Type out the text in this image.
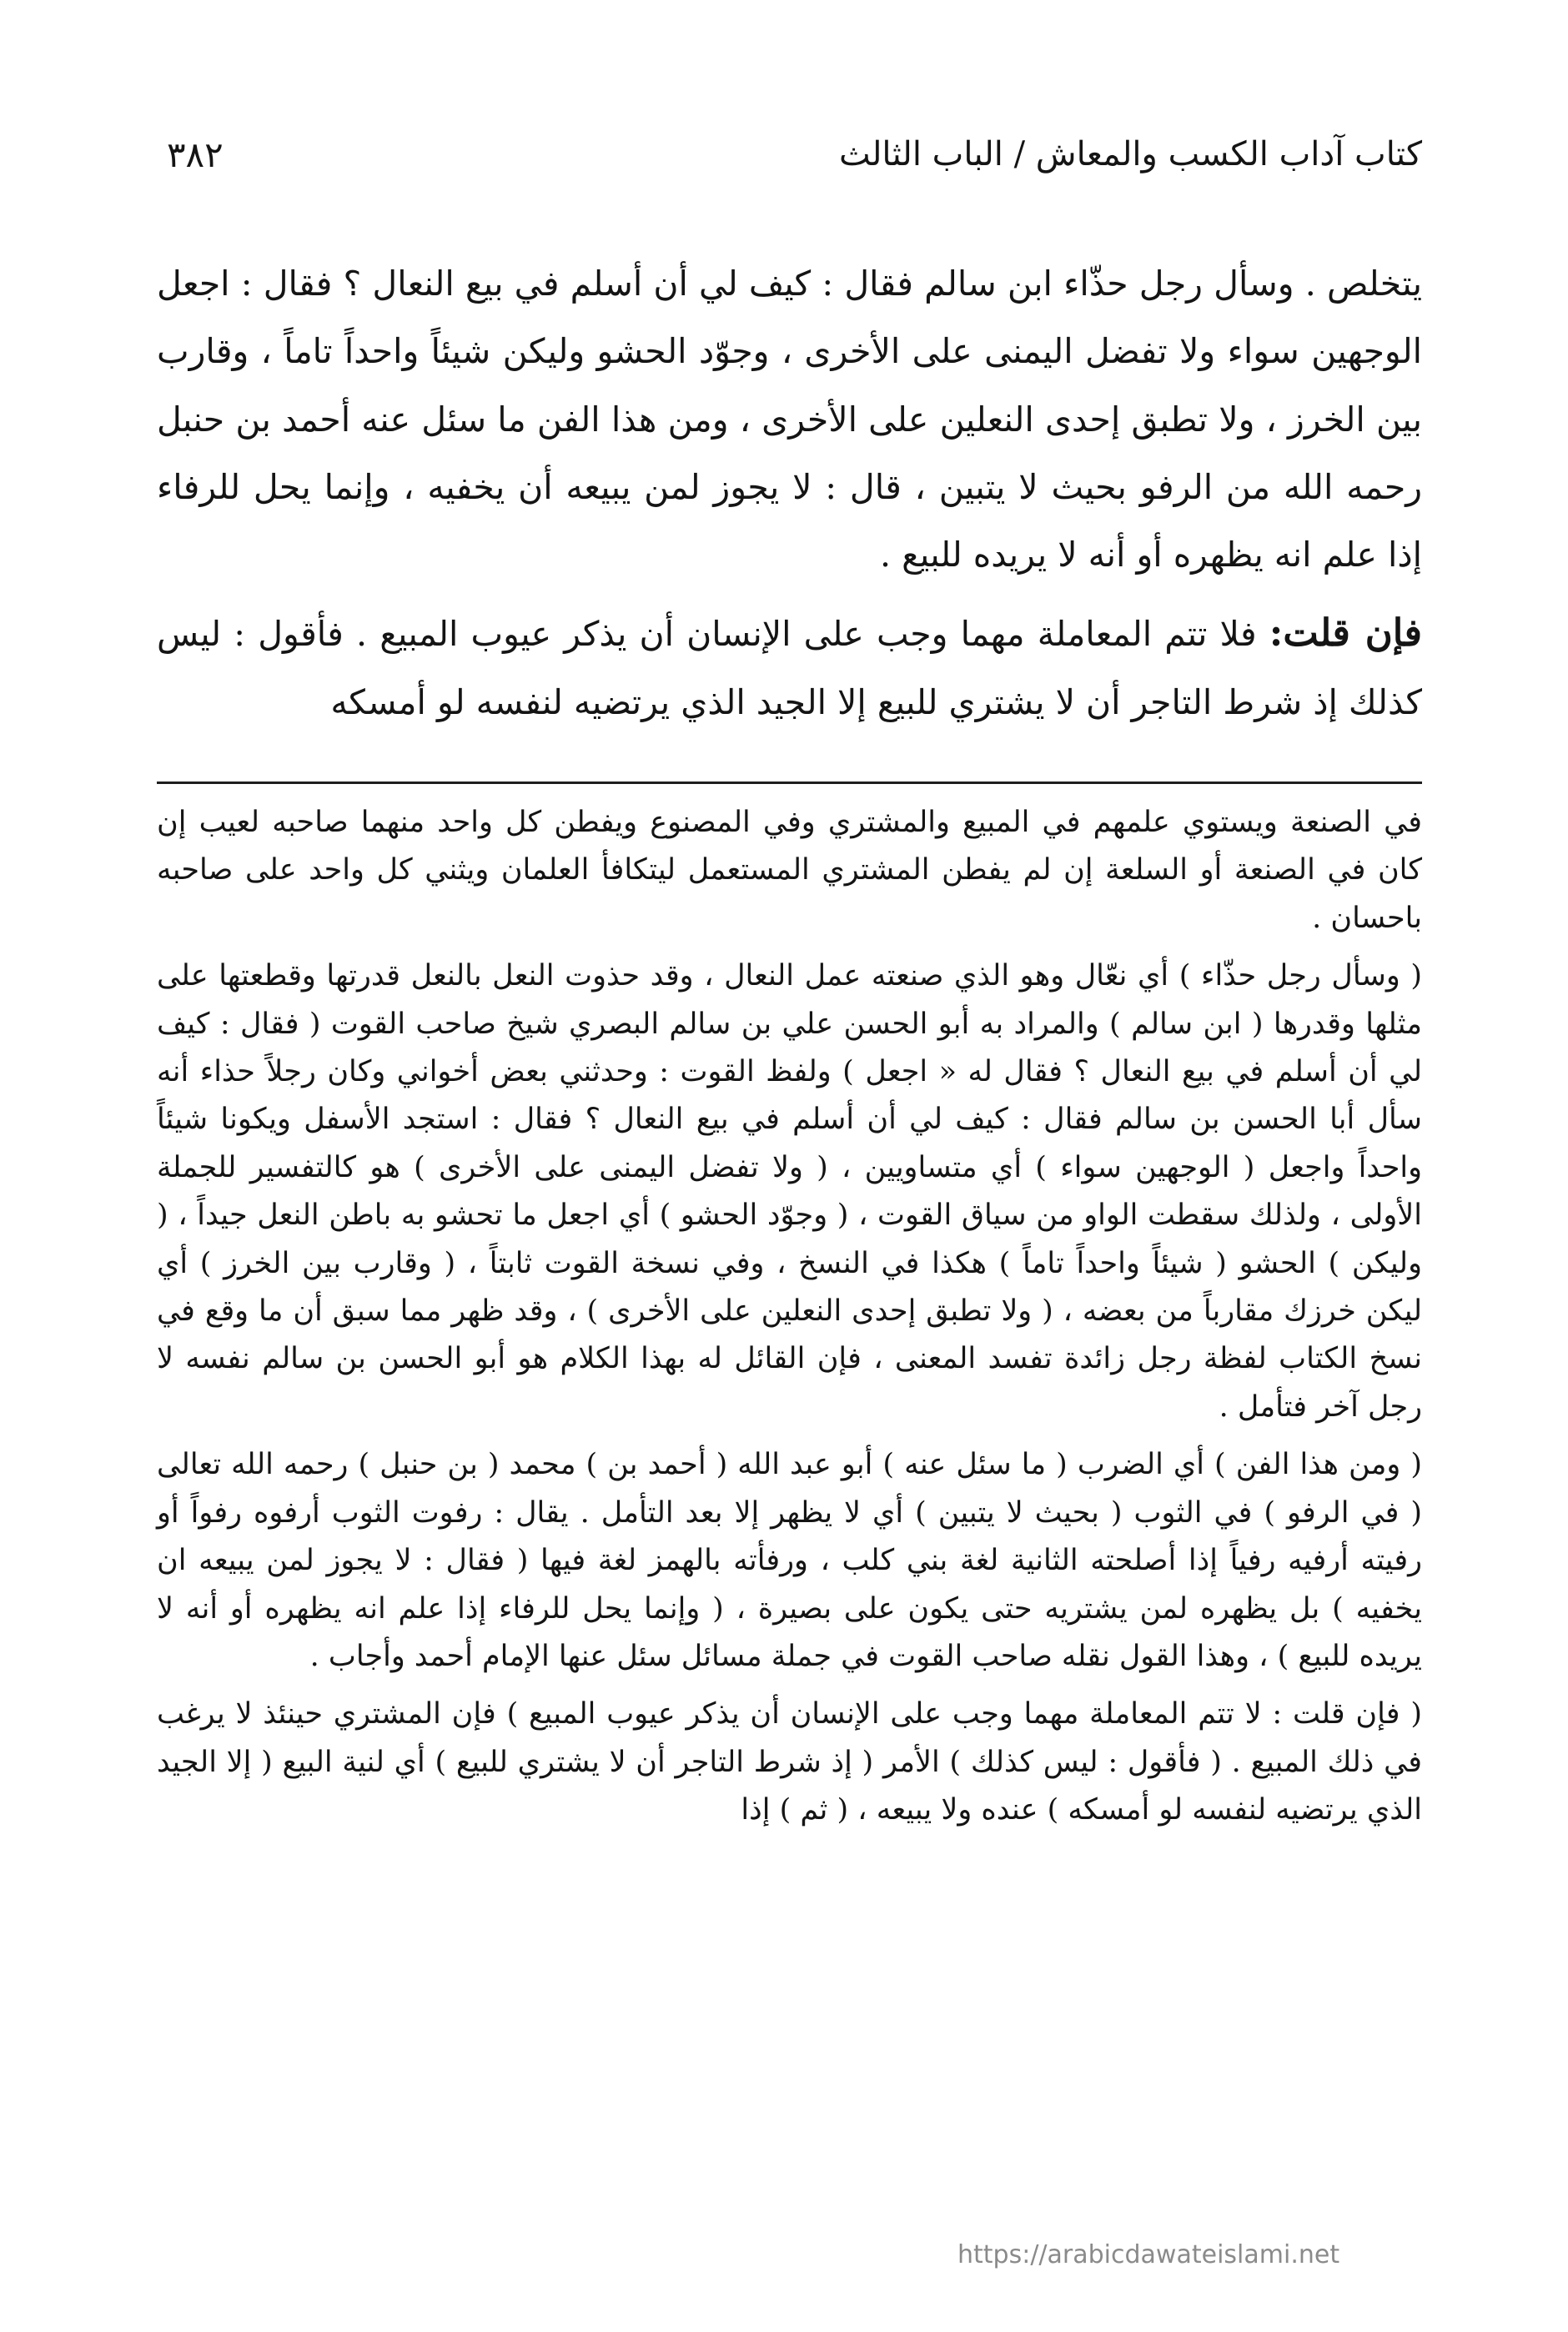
كتاب آداب الكسب والمعاش / الباب الثالث
٣٨٢

يتخلص . وسأل رجل حذّاء ابن سالم فقال : كيف لي أن أسلم في بيع النعال ؟ فقال : اجعل الوجهين سواء ولا تفضل اليمنى على الأخرى ، وجوّد الحشو وليكن شيئاً واحداً تاماً ، وقارب بين الخرز ، ولا تطبق إحدى النعلين على الأخرى ، ومن هذا الفن ما سئل عنه أحمد بن حنبل رحمه الله من الرفو بحيث لا يتبين ، قال : لا يجوز لمن يبيعه أن يخفيه ، وإنما يحل للرفاء إذا علم انه يظهره أو أنه لا يريده للبيع .

فإن قلت: فلا تتم المعاملة مهما وجب على الإنسان أن يذكر عيوب المبيع . فأقول : ليس كذلك إذ شرط التاجر أن لا يشتري للبيع إلا الجيد الذي يرتضيه لنفسه لو أمسكه

في الصنعة ويستوي علمهم في المبيع والمشتري وفي المصنوع ويفطن كل واحد منهما صاحبه لعيب إن كان في الصنعة أو السلعة إن لم يفطن المشتري المستعمل ليتكافأ العلمان ويثني كل واحد على صاحبه باحسان .

( وسأل رجل حذّاء ) أي نعّال وهو الذي صنعته عمل النعال ، وقد حذوت النعل بالنعل قدرتها وقطعتها على مثلها وقدرها ( ابن سالم ) والمراد به أبو الحسن علي بن سالم البصري شيخ صاحب القوت ( فقال : كيف لي أن أسلم في بيع النعال ؟ فقال له « اجعل ) ولفظ القوت : وحدثني بعض أخواني وكان رجلاً حذاء أنه سأل أبا الحسن بن سالم فقال : كيف لي أن أسلم في بيع النعال ؟ فقال : استجد الأسفل ويكونا شيئاً واحداً واجعل ( الوجهين سواء ) أي متساويين ، ( ولا تفضل اليمنى على الأخرى ) هو كالتفسير للجملة الأولى ، ولذلك سقطت الواو من سياق القوت ، ( وجوّد الحشو ) أي اجعل ما تحشو به باطن النعل جيداً ، ( وليكن ) الحشو ( شيئاً واحداً تاماً ) هكذا في النسخ ، وفي نسخة القوت ثابتاً ، ( وقارب بين الخرز ) أي ليكن خرزك مقارباً من بعضه ، ( ولا تطبق إحدى النعلين على الأخرى ) ، وقد ظهر مما سبق أن ما وقع في نسخ الكتاب لفظة رجل زائدة تفسد المعنى ، فإن القائل له بهذا الكلام هو أبو الحسن بن سالم نفسه لا رجل آخر فتأمل .

( ومن هذا الفن ) أي الضرب ( ما سئل عنه ) أبو عبد الله ( أحمد بن ) محمد ( بن حنبل ) رحمه الله تعالى ( في الرفو ) في الثوب ( بحيث لا يتبين ) أي لا يظهر إلا بعد التأمل . يقال : رفوت الثوب أرفوه رفواً أو رفيته أرفيه رفياً إذا أصلحته الثانية لغة بني كلب ، ورفأته بالهمز لغة فيها ( فقال : لا يجوز لمن يبيعه ان يخفيه ) بل يظهره لمن يشتريه حتى يكون على بصيرة ، ( وإنما يحل للرفاء إذا علم انه يظهره أو أنه لا يريده للبيع ) ، وهذا القول نقله صاحب القوت في جملة مسائل سئل عنها الإمام أحمد وأجاب .

( فإن قلت : لا تتم المعاملة مهما وجب على الإنسان أن يذكر عيوب المبيع ) فإن المشتري حينئذ لا يرغب في ذلك المبيع . ( فأقول : ليس كذلك ) الأمر ( إذ شرط التاجر أن لا يشتري للبيع ) أي لنية البيع ( إلا الجيد الذي يرتضيه لنفسه لو أمسكه ) عنده ولا يبيعه ، ( ثم ) إذا

https://arabicdawateislami.net
